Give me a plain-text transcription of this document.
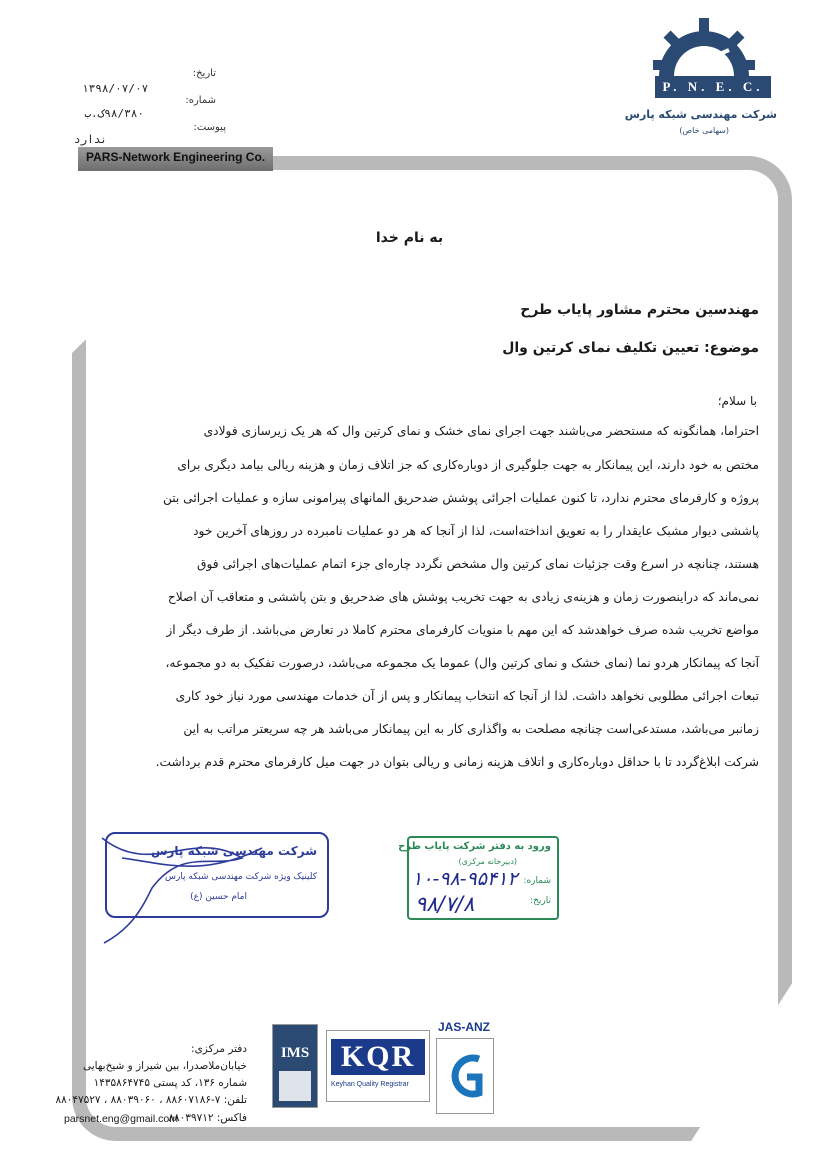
P. N. E. C.
شرکت مهندسی شبکه پارس
(سهامی خاص)
تاریخ:
شماره:
پیوست:
۱۳۹۸/۰۷/۰۷
۹۸/۳۸۰ک.ب
ندارد
PARS-Network Engineering Co.
به نام خدا
مهندسین محترم مشاور پایاب طرح
موضوع: تعیین تکلیف نمای کرتین وال
با سلام؛
احتراما، همانگونه که مستحضر می‌باشند جهت اجرای نمای خشک و نمای کرتین وال که هر یک زیرسازی فولادی
مختص به خود دارند، این پیمانکار به جهت جلوگیری از دوباره‌کاری که جز اتلاف زمان و هزینه ریالی بیامد دیگری برای
پروژه و کارفرمای محترم ندارد، تا کنون عملیات اجرائی پوشش ضدحریق المانهای پیرامونی سازه و عملیات اجرائی بتن
پاششی دیوار مشبک عایقدار را به تعویق انداخته‌است، لذا از آنجا که هر دو عملیات نامبرده در روزهای آخرین خود
هستند، چنانچه در اسرع وقت جزئیات نمای کرتین وال مشخص نگردد چاره‌ای جزء اتمام عملیات‌های اجرائی فوق
نمی‌ماند که دراینصورت زمان و هزینه‌ی زیادی به جهت تخریب پوشش های ضدحریق و بتن پاششی و متعاقب آن اصلاح
مواضع تخریب شده صرف خواهدشد که این مهم با منویات کارفرمای محترم کاملا در تعارض می‌باشد. از طرف دیگر از
آنجا که پیمانکار هردو نما (نمای خشک و نمای کرتین وال) عموما یک مجموعه می‌باشد، درصورت تفکیک به دو مجموعه،
تبعات اجرائی مطلوبی نخواهد داشت. لذا از آنجا که انتخاب پیمانکار و پس از آن خدمات مهندسی مورد نیاز خود کاری
زمانبر می‌باشد، مستدعی‌است چنانچه مصلحت به واگذاری کار به این پیمانکار می‌باشد هر چه سریعتر مراتب به این
شرکت ابلاغ‌گردد تا با حداقل دوباره‌کاری و اتلاف هزینه زمانی و ریالی بتوان در جهت میل کارفرمای محترم قدم برداشت.
شرکت مهندسی شبکه پارس
کلینیک ویژه شرکت مهندسی شبکه پارس
امام حسین (ع)
ورود به دفتر شرکت پایاب طرح
(دبیرخانه مرکزی)
شماره:
تاریخ:
۱۰-۹۸-۹۵۴۱۲
۹۸/۷/۸
JAS-ANZ
KQR
Keyhan Quality Registrar
IMS
دفتر مرکزی:
خیابان‌ملاصدرا، بین شیراز و شیخ‌بهایی
شماره ۱۳۶، کد پستی ۱۴۳۵۸۶۴۷۴۵
تلفن: ۷-۸۸۶۰۷۱۸۶ ، ۸۸۰۳۹۰۶۰ ، ۸۸۰۴۷۵۲۷
فاکس: ۸۸۰۳۹۷۱۲
parsnet.eng@gmail.com
